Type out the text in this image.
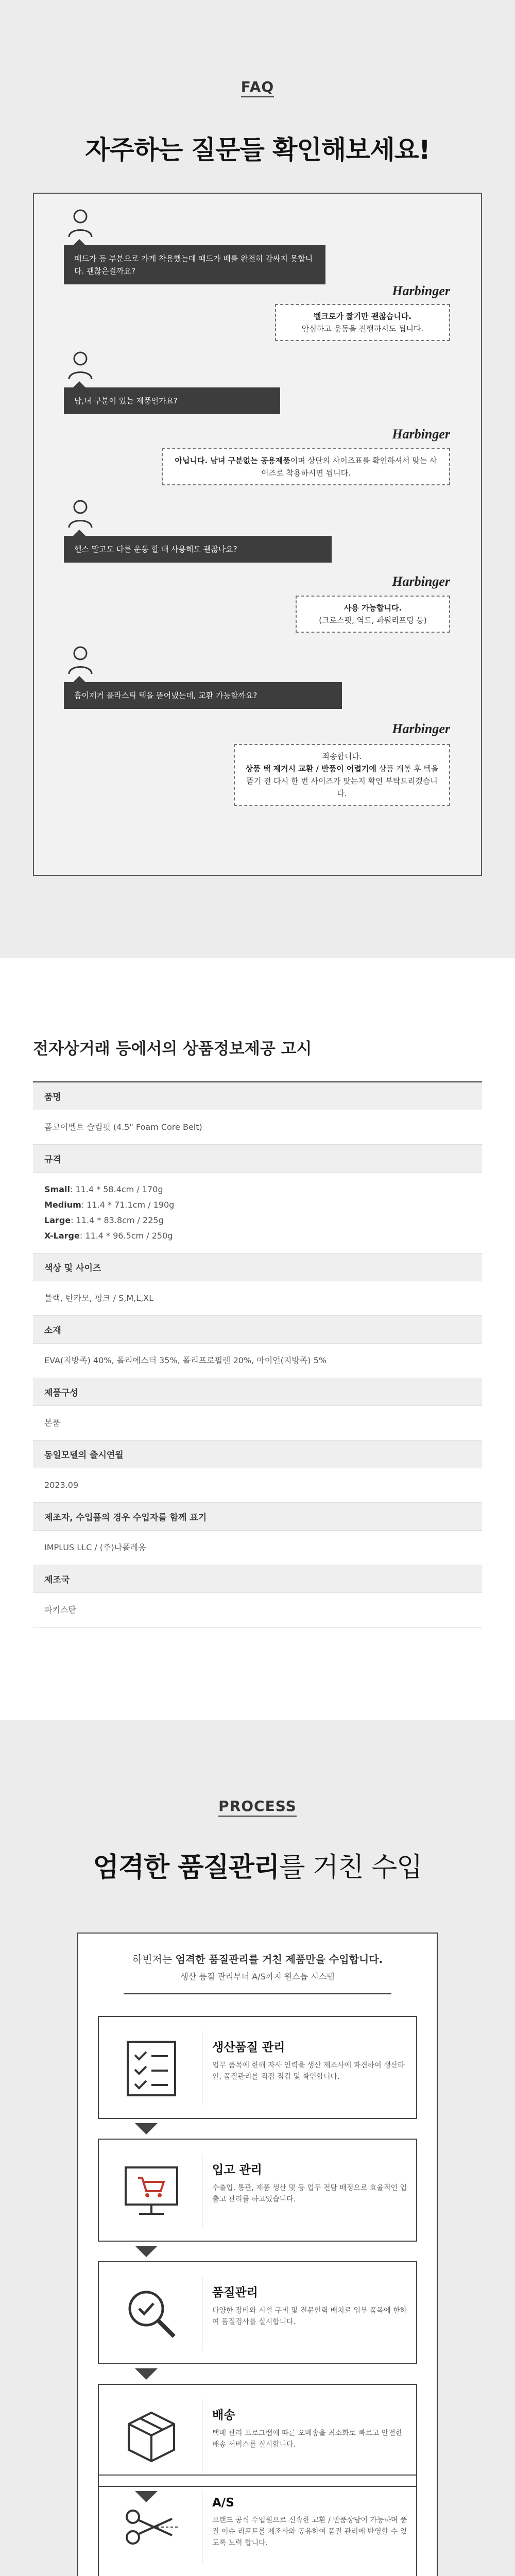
FAQ
자주하는 질문들 확인해보세요!
패드가 등 부분으로 가게 착용했는데 패드가 배를 완전히 감싸지 못합니다. 괜찮은걸까요?
Harbinger
벨크로가 짧기만 괜찮습니다.
안심하고 운동을 진행하시도 됩니다.
남,녀 구분이 있는 제품인가요?
Harbinger
아닙니다. 남녀 구분없는 공용제품이며 상단의 사이즈표를 확인하셔서 맞는 사이즈로 착용하시면 됩니다.
헬스 말고도 다른 운동 할 때 사용해도 괜찮나요?
Harbinger
사용 가능합니다.
(크로스핏, 역도, 파워리프팅 등)
흡이제거 플라스틱 텍을 뜯어냈는데, 교환 가능할까요?
Harbinger
죄송합니다.
상품 택 제거시 교환 / 반품이 어렵기에 상품 개봉 후 텍을 뜯기 전 다시 한 번 사이즈가 맞는지 확인 부탁드리겠습니다.
전자상거래 등에서의 상품정보제공 고시
품명
폼코어벨트 슬림핏 (4.5" Foam Core Belt)
규격
Small: 11.4 * 58.4cm / 170g
Medium: 11.4 * 71.1cm / 190g
Large: 11.4 * 83.8cm / 225g
X-Large: 11.4 * 96.5cm / 250g
색상 및 사이즈
블랙, 탄카모, 핑크 / S,M,L,XL
소재
EVA(지방족) 40%, 폴리에스터 35%, 폴리프로필렌 20%, 아이언(지방족) 5%
제품구성
본품
동일모델의 출시연월
2023.09
제조자, 수입품의 경우 수입자를 함께 표기
IMPLUS LLC / (주)나폴레옹
제조국
파키스탄
PROCESS
엄격한 품질관리를 거친 수입
하빈저는 엄격한 품질관리를 거친 제품만을 수입합니다.
생산 품질 관리부터 A/S까지 원스톱 시스템
생산품질 관리
업무 품목에 한해 자사 인력을 생산 제조사에 파견하여 생산라인, 품질관리를 직접 점검 및 확인합니다.
입고 관리
수출입, 통관, 제품 생산 및 등 업무 전담 배정으로 효율적인 입출고 관리를 하고있습니다.
품질관리
다양한 장비와 시설 구비 및 전문인력 배치로 입부 품목에 한하여 품질검사를 실시합니다.
배송
택배 관리 프로그램에 따른 오배송을 최소화로 빠르고 안전한 배송 서비스를 실시합니다.
A/S
브랜드 공식 수입원으로 신속한 교환 / 반품상담이 가능하며 품질 이슈 리포트를 제조사와 공유하여 품질 관리에 반영할 수 있도록 노력 합니다.
